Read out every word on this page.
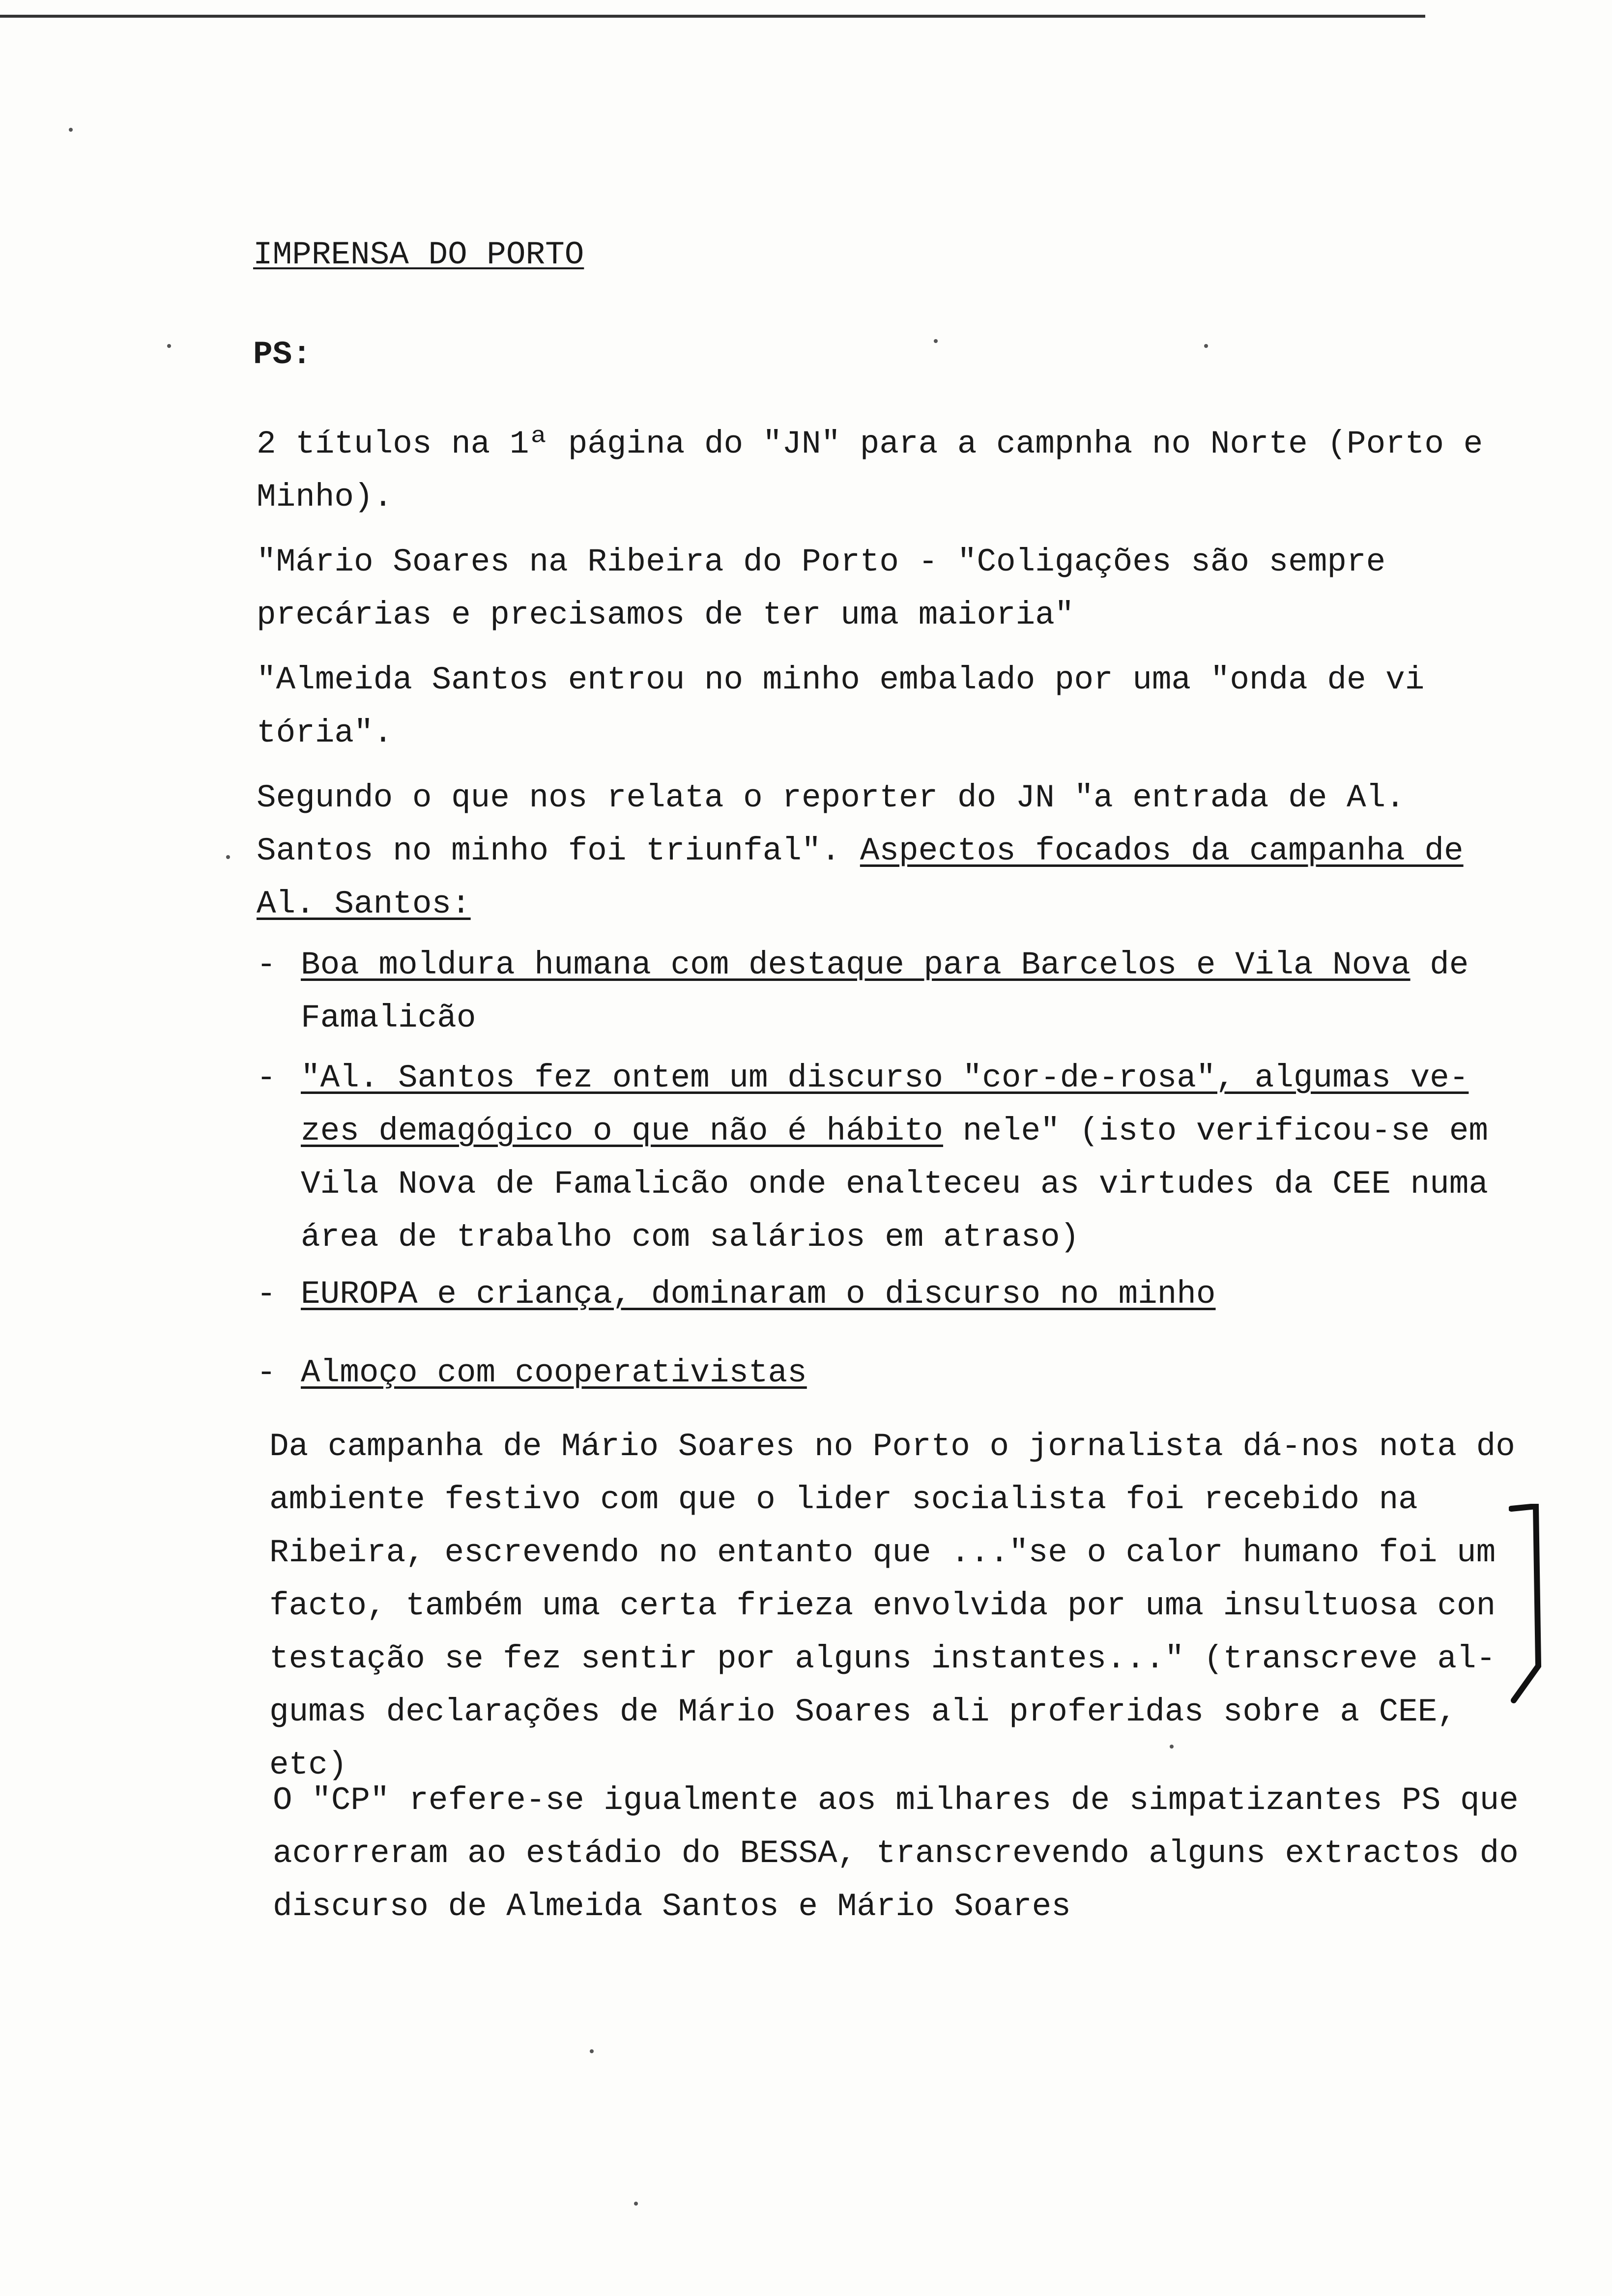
IMPRENSA DO PORTO
PS:

2 títulos na 1ª página do "JN" para a campnha no Norte (Porto e Minho).

"Mário Soares na Ribeira do Porto - "Coligações são sempre precárias e precisamos de ter uma maioria"

"Almeida Santos entrou no minho embalado por uma "onda de vi tória".

Segundo o que nos relata o reporter do JN "a entrada de Al. Santos no minho foi triunfal". Aspectos focados da campanha de Al. Santos:

- Boa moldura humana com destaque para Barcelos e Vila Nova de Famalicão
- "Al. Santos fez ontem um discurso "cor-de-rosa", algumas ve- zes demagógico o que não é hábito nele" (isto verificou-se em Vila Nova de Famalicão onde enalteceu as virtudes da CEE numa área de trabalho com salários em atraso)
- EUROPA e criança, dominaram o discurso no minho
- Almoço com cooperativistas

Da campanha de Mário Soares no Porto o jornalista dá-nos nota do ambiente festivo com que o lider socialista foi recebido na Ribeira, escrevendo no entanto que ..."se o calor humano foi um facto, também uma certa frieza envolvida por uma insultuosa con testação se fez sentir por alguns instantes..." (transcreve al- gumas declarações de Mário Soares ali proferidas sobre a CEE, etc)

O "CP" refere-se igualmente aos milhares de simpatizantes PS que acorreram ao estádio do BESSA, transcrevendo alguns extractos do discurso de Almeida Santos e Mário Soares
